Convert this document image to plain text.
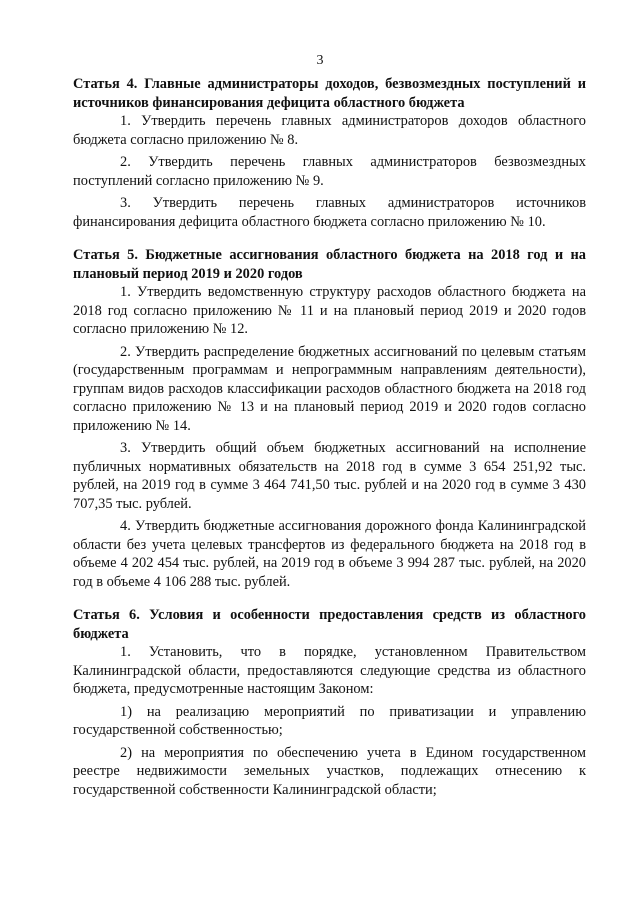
3
Статья 4. Главные администраторы доходов, безвозмездных поступлений и источников финансирования дефицита областного бюджета
1. Утвердить перечень главных администраторов доходов областного бюджета согласно приложению № 8.
2. Утвердить перечень главных администраторов безвозмездных поступлений согласно приложению № 9.
3. Утвердить перечень главных администраторов источников финансирования дефицита областного бюджета согласно приложению № 10.
Статья 5. Бюджетные ассигнования областного бюджета на 2018 год и на плановый период 2019 и 2020 годов
1. Утвердить ведомственную структуру расходов областного бюджета на 2018 год согласно приложению № 11 и на плановый период 2019 и 2020 годов согласно приложению № 12.
2. Утвердить распределение бюджетных ассигнований по целевым статьям (государственным программам и непрограммным направлениям деятельности), группам видов расходов классификации расходов областного бюджета на 2018 год согласно приложению № 13 и на плановый период 2019 и 2020 годов согласно приложению № 14.
3. Утвердить общий объем бюджетных ассигнований на исполнение публичных нормативных обязательств на 2018 год в сумме 3 654 251,92 тыс. рублей, на 2019 год в сумме 3 464 741,50 тыс. рублей и на 2020 год в сумме 3 430 707,35 тыс. рублей.
4. Утвердить бюджетные ассигнования дорожного фонда Калининградской области без учета целевых трансфертов из федерального бюджета на 2018 год в объеме 4 202 454 тыс. рублей, на 2019 год в объеме 3 994 287 тыс. рублей, на 2020 год в объеме 4 106 288 тыс. рублей.
Статья 6. Условия и особенности предоставления средств из областного бюджета
1. Установить, что в порядке, установленном Правительством Калининградской области, предоставляются следующие средства из областного бюджета, предусмотренные настоящим Законом:
1) на реализацию мероприятий по приватизации и управлению государственной собственностью;
2) на мероприятия по обеспечению учета в Едином государственном реестре недвижимости земельных участков, подлежащих отнесению к государственной собственности Калининградской области;
